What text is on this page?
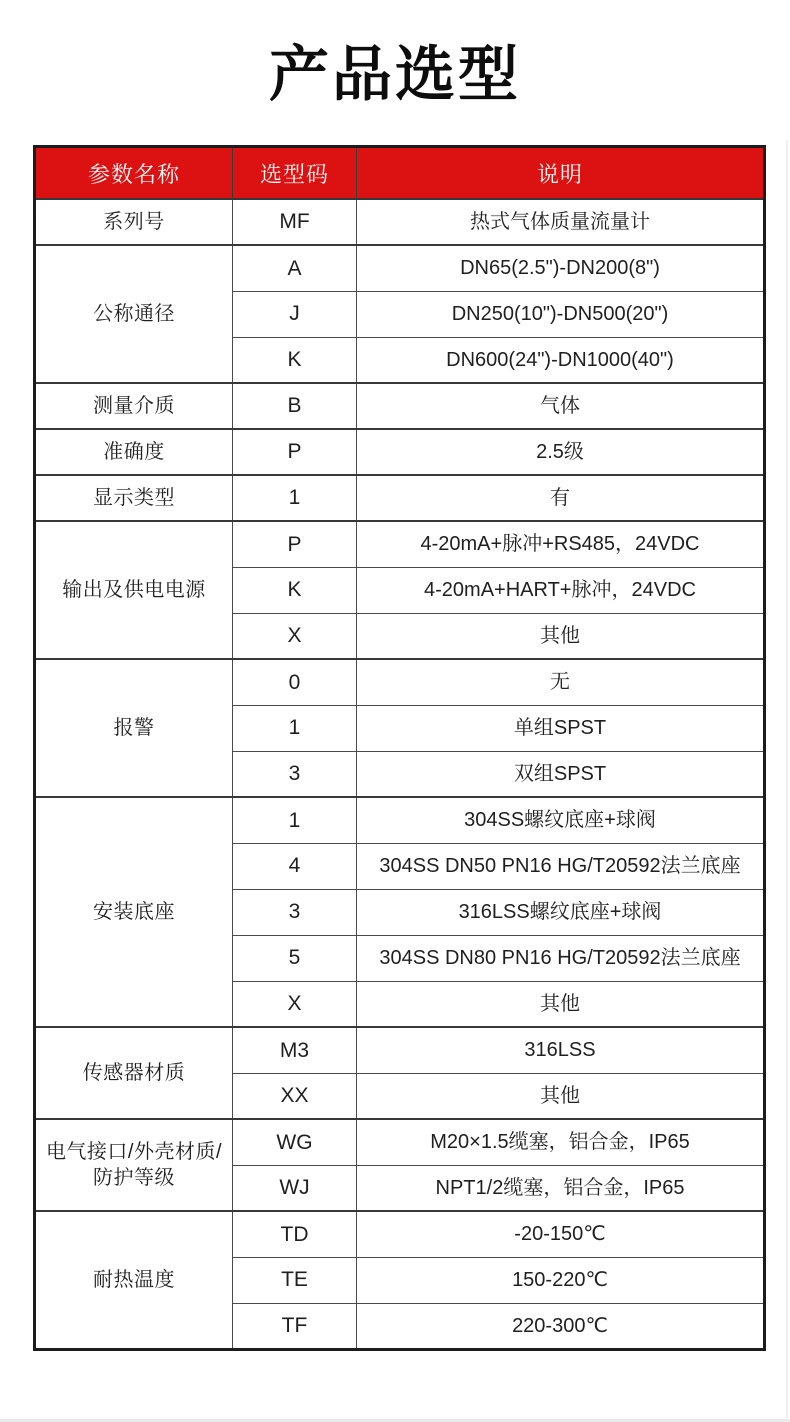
产品选型
参数名称	选型码	说明
系列号	MF	热式气体质量流量计
公称通径	A	DN65(2.5")-DN200(8")
	J	DN250(10")-DN500(20")
	K	DN600(24")-DN1000(40")
测量介质	B	气体
准确度	P	2.5级
显示类型	1	有
输出及供电电源	P	4-20mA+脉冲+RS485，24VDC
	K	4-20mA+HART+脉冲，24VDC
	X	其他
报警	0	无
	1	单组SPST
	3	双组SPST
安装底座	1	304SS螺纹底座+球阀
	4	304SS DN50 PN16 HG/T20592法兰底座
	3	316LSS螺纹底座+球阀
	5	304SS DN80 PN16 HG/T20592法兰底座
	X	其他
传感器材质	M3	316LSS
	XX	其他
电气接口/外壳材质/防护等级	WG	M20×1.5缆塞，铝合金，IP65
	WJ	NPT1/2缆塞，铝合金，IP65
耐热温度	TD	-20-150℃
	TE	150-220℃
	TF	220-300℃
